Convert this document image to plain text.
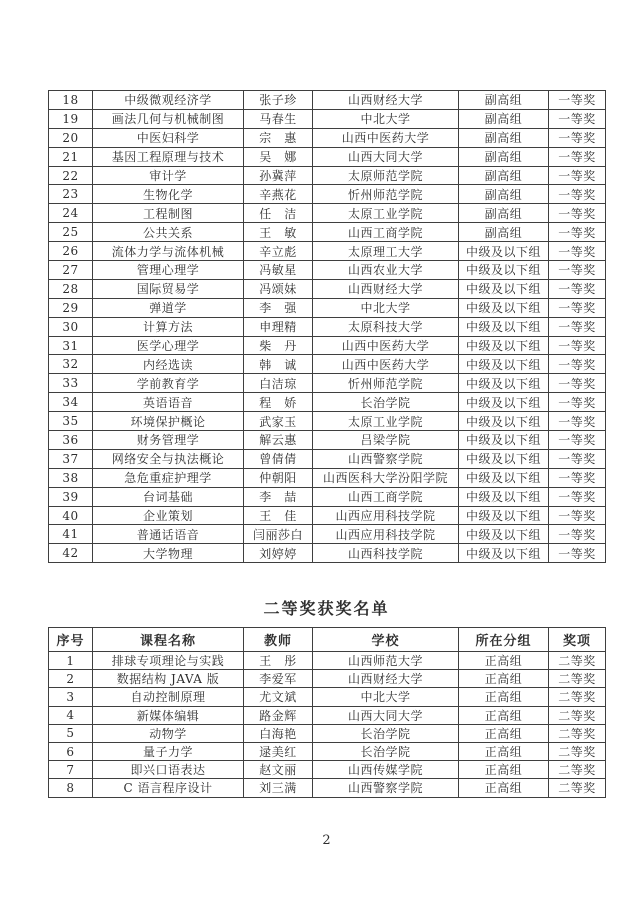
18	中级微观经济学	张子珍	山西财经大学	副高组	一等奖
19	画法几何与机械制图	马春生	中北大学	副高组	一等奖
20	中医妇科学	宗　惠	山西中医药大学	副高组	一等奖
21	基因工程原理与技术	吴　娜	山西大同大学	副高组	一等奖
22	审计学	孙冀萍	太原师范学院	副高组	一等奖
23	生物化学	辛燕花	忻州师范学院	副高组	一等奖
24	工程制图	任　洁	太原工业学院	副高组	一等奖
25	公共关系	王　敏	山西工商学院	副高组	一等奖
26	流体力学与流体机械	辛立彪	太原理工大学	中级及以下组	一等奖
27	管理心理学	冯敏星	山西农业大学	中级及以下组	一等奖
28	国际贸易学	冯颂妹	山西财经大学	中级及以下组	一等奖
29	弹道学	李　强	中北大学	中级及以下组	一等奖
30	计算方法	申理精	太原科技大学	中级及以下组	一等奖
31	医学心理学	柴　丹	山西中医药大学	中级及以下组	一等奖
32	内经选读	韩　诚	山西中医药大学	中级及以下组	一等奖
33	学前教育学	白洁琼	忻州师范学院	中级及以下组	一等奖
34	英语语音	程　娇	长治学院	中级及以下组	一等奖
35	环境保护概论	武家玉	太原工业学院	中级及以下组	一等奖
36	财务管理学	解云惠	吕梁学院	中级及以下组	一等奖
37	网络安全与执法概论	曾倩倩	山西警察学院	中级及以下组	一等奖
38	急危重症护理学	仲朝阳	山西医科大学汾阳学院	中级及以下组	一等奖
39	台词基础	李　喆	山西工商学院	中级及以下组	一等奖
40	企业策划	王　佳	山西应用科技学院	中级及以下组	一等奖
41	普通话语音	闫丽莎白	山西应用科技学院	中级及以下组	一等奖
42	大学物理	刘婷婷	山西科技学院	中级及以下组	一等奖
二等奖获奖名单
序号	课程名称	教师	学校	所在分组	奖项
1	排球专项理论与实践	王　彤	山西师范大学	正高组	二等奖
2	数据结构 JAVA 版	李爱军	山西财经大学	正高组	二等奖
3	自动控制原理	尤文斌	中北大学	正高组	二等奖
4	新媒体编辑	路金辉	山西大同大学	正高组	二等奖
5	动物学	白海艳	长治学院	正高组	二等奖
6	量子力学	逯美红	长治学院	正高组	二等奖
7	即兴口语表达	赵文丽	山西传媒学院	正高组	二等奖
8	C 语言程序设计	刘三满	山西警察学院	正高组	二等奖
2
